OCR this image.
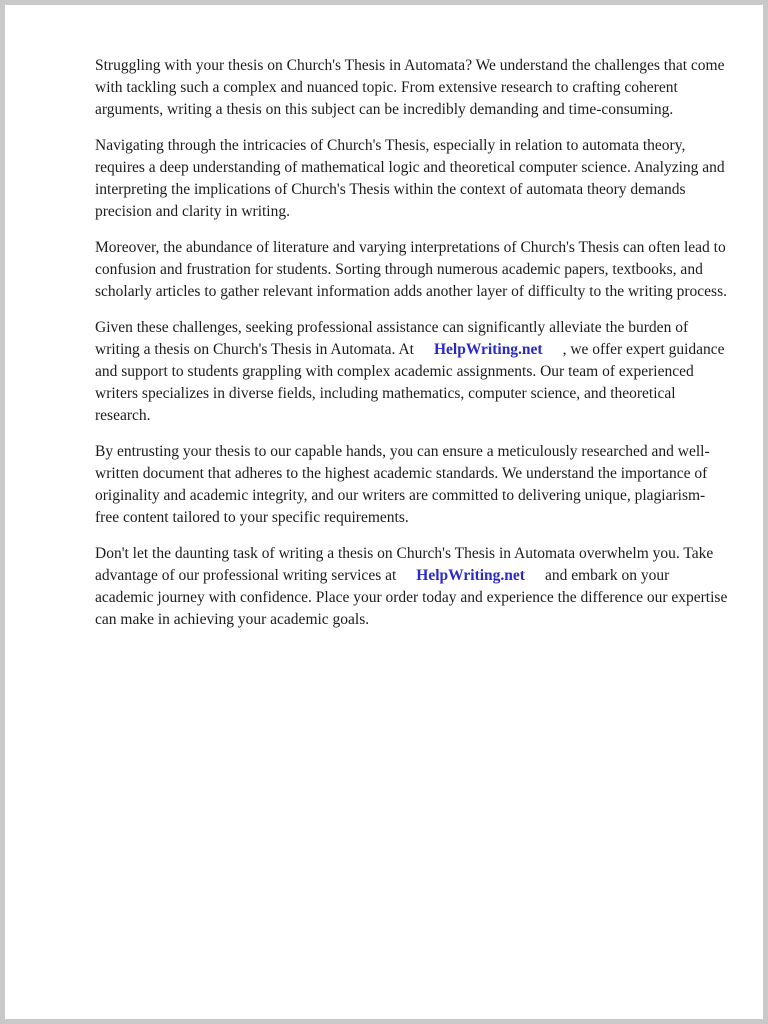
Struggling with your thesis on Church's Thesis in Automata? We understand the challenges that come with tackling such a complex and nuanced topic. From extensive research to crafting coherent arguments, writing a thesis on this subject can be incredibly demanding and time-consuming.

Navigating through the intricacies of Church's Thesis, especially in relation to automata theory, requires a deep understanding of mathematical logic and theoretical computer science. Analyzing and interpreting the implications of Church's Thesis within the context of automata theory demands precision and clarity in writing.

Moreover, the abundance of literature and varying interpretations of Church's Thesis can often lead to confusion and frustration for students. Sorting through numerous academic papers, textbooks, and scholarly articles to gather relevant information adds another layer of difficulty to the writing process.

Given these challenges, seeking professional assistance can significantly alleviate the burden of writing a thesis on Church's Thesis in Automata. At HelpWriting.net , we offer expert guidance and support to students grappling with complex academic assignments. Our team of experienced writers specializes in diverse fields, including mathematics, computer science, and theoretical research.

By entrusting your thesis to our capable hands, you can ensure a meticulously researched and well-written document that adheres to the highest academic standards. We understand the importance of originality and academic integrity, and our writers are committed to delivering unique, plagiarism-free content tailored to your specific requirements.

Don't let the daunting task of writing a thesis on Church's Thesis in Automata overwhelm you. Take advantage of our professional writing services at HelpWriting.net and embark on your academic journey with confidence. Place your order today and experience the difference our expertise can make in achieving your academic goals.
